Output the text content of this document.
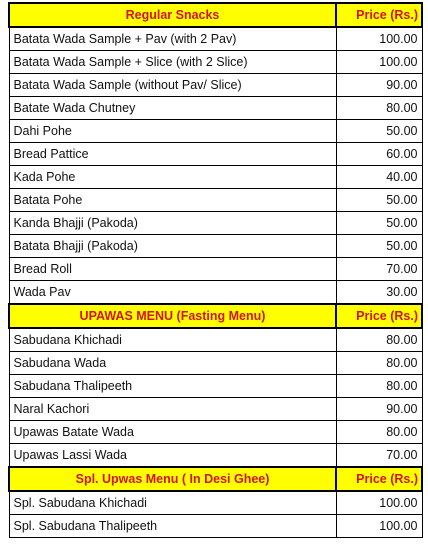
Regular Snacks	Price (Rs.)
Batata Wada Sample + Pav (with 2 Pav)	100.00
Batata Wada Sample + Slice (with 2 Slice)	100.00
Batata Wada Sample (without Pav/ Slice)	90.00
Batate Wada Chutney	80.00
Dahi Pohe	50.00
Bread Pattice	60.00
Kada Pohe	40.00
Batata Pohe	50.00
Kanda Bhajji (Pakoda)	50.00
Batata Bhajji (Pakoda)	50.00
Bread Roll	70.00
Wada Pav	30.00
UPAWAS MENU (Fasting Menu)	Price (Rs.)
Sabudana Khichadi	80.00
Sabudana Wada	80.00
Sabudana Thalipeeth	80.00
Naral Kachori	90.00
Upawas Batate Wada	80.00
Upawas Lassi Wada	70.00
Spl. Upwas Menu ( In Desi Ghee)	Price (Rs.)
Spl. Sabudana Khichadi	100.00
Spl. Sabudana Thalipeeth	100.00
